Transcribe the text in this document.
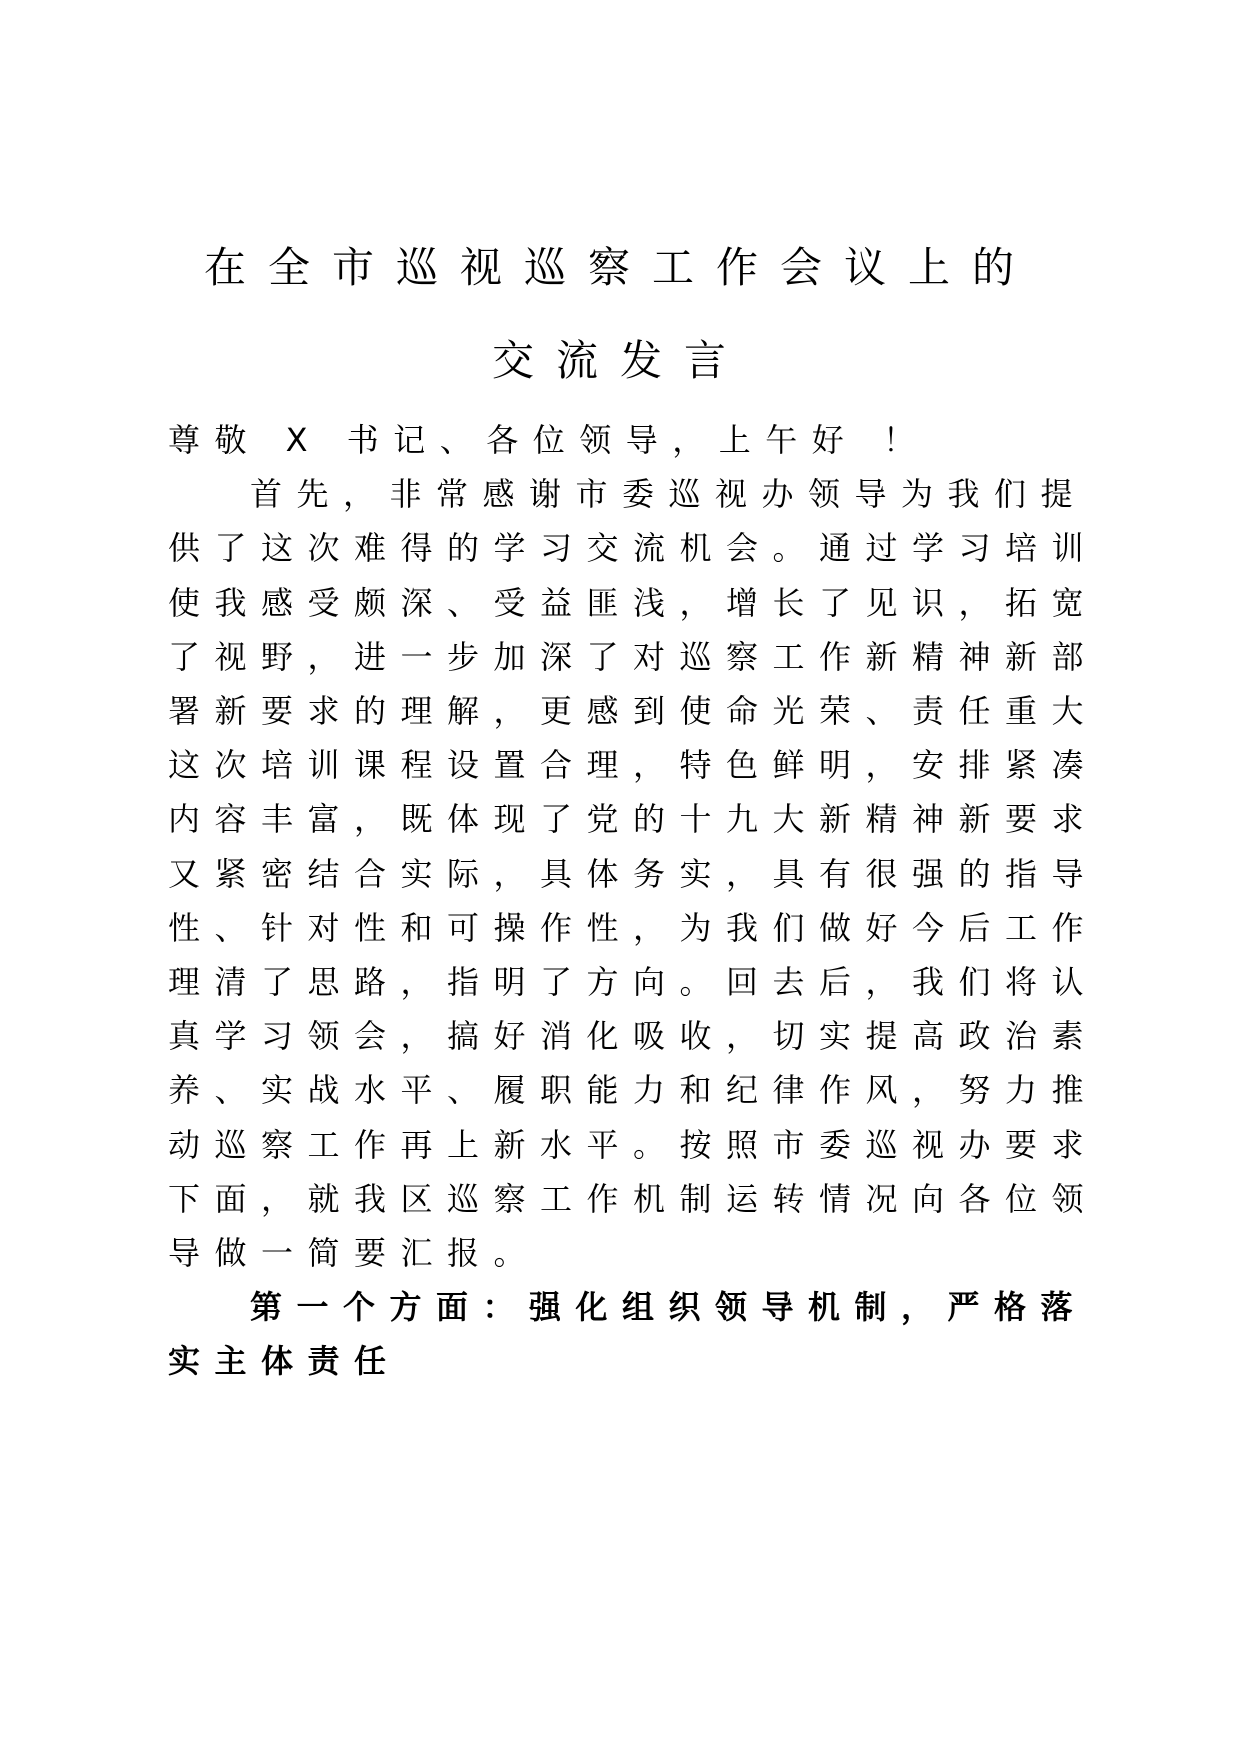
在全市巡视巡察工作会议上的
交流发言
尊敬 X 书记、各位领导，上午好 ！
首先，非常感谢市委巡视办领导为我们提
供了这次难得的学习交流机会。通过学习培训
使我感受颇深、受益匪浅，增长了见识，拓宽
了视野，进一步加深了对巡察工作新精神新部
署新要求的理解，更感到使命光荣、责任重大
这次培训课程设置合理，特色鲜明，安排紧凑
内容丰富，既体现了党的十九大新精神新要求
又紧密结合实际，具体务实，具有很强的指导
性、针对性和可操作性，为我们做好今后工作
理清了思路，指明了方向。回去后，我们将认
真学习领会，搞好消化吸收，切实提高政治素
养、实战水平、履职能力和纪律作风，努力推
动巡察工作再上新水平。按照市委巡视办要求
下面，就我区巡察工作机制运转情况向各位领
导做一简要汇报。
第一个方面：强化组织领导机制，严格落
实主体责任
